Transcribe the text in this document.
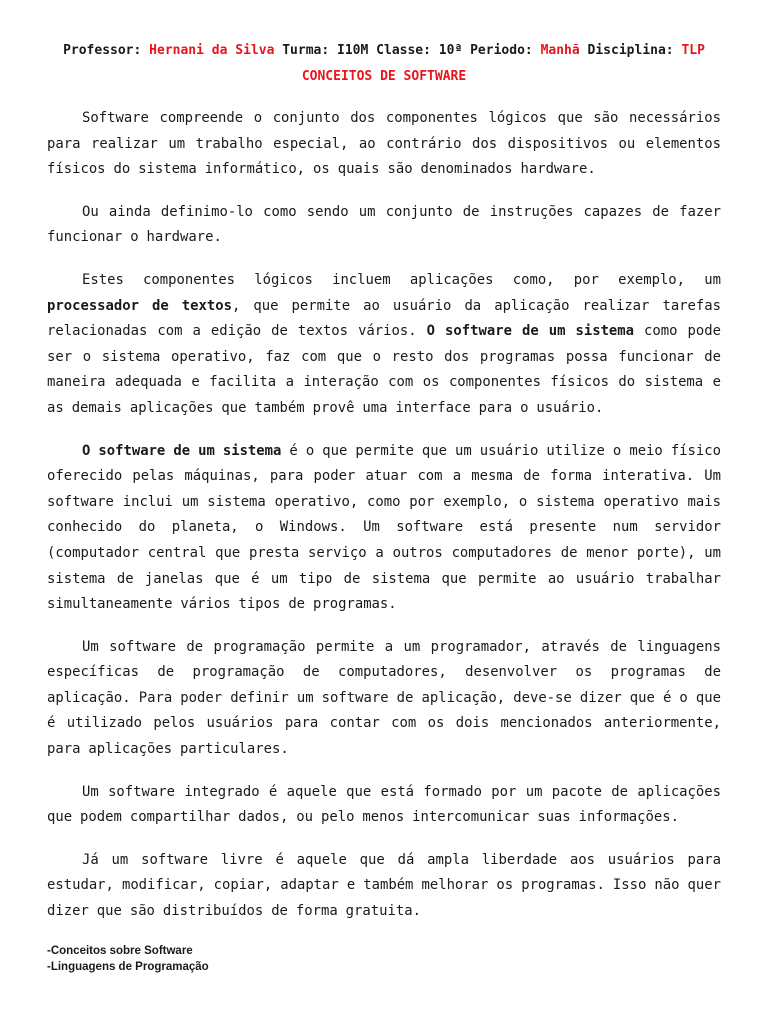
Professor: Hernani da Silva Turma: I10M Classe: 10ª Periodo: Manhã Disciplina: TLP
CONCEITOS DE SOFTWARE

Software compreende o conjunto dos componentes lógicos que são necessários para realizar um trabalho especial, ao contrário dos dispositivos ou elementos físicos do sistema informático, os quais são denominados hardware.

Ou ainda definimo-lo como sendo um conjunto de instruções capazes de fazer funcionar o hardware.

Estes componentes lógicos incluem aplicações como, por exemplo, um processador de textos, que permite ao usuário da aplicação realizar tarefas relacionadas com a edição de textos vários. O software de um sistema como pode ser o sistema operativo, faz com que o resto dos programas possa funcionar de maneira adequada e facilita a interação com os componentes físicos do sistema e as demais aplicações que também provê uma interface para o usuário.

O software de um sistema é o que permite que um usuário utilize o meio físico oferecido pelas máquinas, para poder atuar com a mesma de forma interativa. Um software inclui um sistema operativo, como por exemplo, o sistema operativo mais conhecido do planeta, o Windows. Um software está presente num servidor (computador central que presta serviço a outros computadores de menor porte), um sistema de janelas que é um tipo de sistema que permite ao usuário trabalhar simultaneamente vários tipos de programas.

Um software de programação permite a um programador, através de linguagens específicas de programação de computadores, desenvolver os programas de aplicação. Para poder definir um software de aplicação, deve-se dizer que é o que é utilizado pelos usuários para contar com os dois mencionados anteriormente, para aplicações particulares.

Um software integrado é aquele que está formado por um pacote de aplicações que podem compartilhar dados, ou pelo menos intercomunicar suas informações.

Já um software livre é aquele que dá ampla liberdade aos usuários para estudar, modificar, copiar, adaptar e também melhorar os programas. Isso não quer dizer que são distribuídos de forma gratuita.

-Conceitos sobre Software
-Linguagens de Programação
